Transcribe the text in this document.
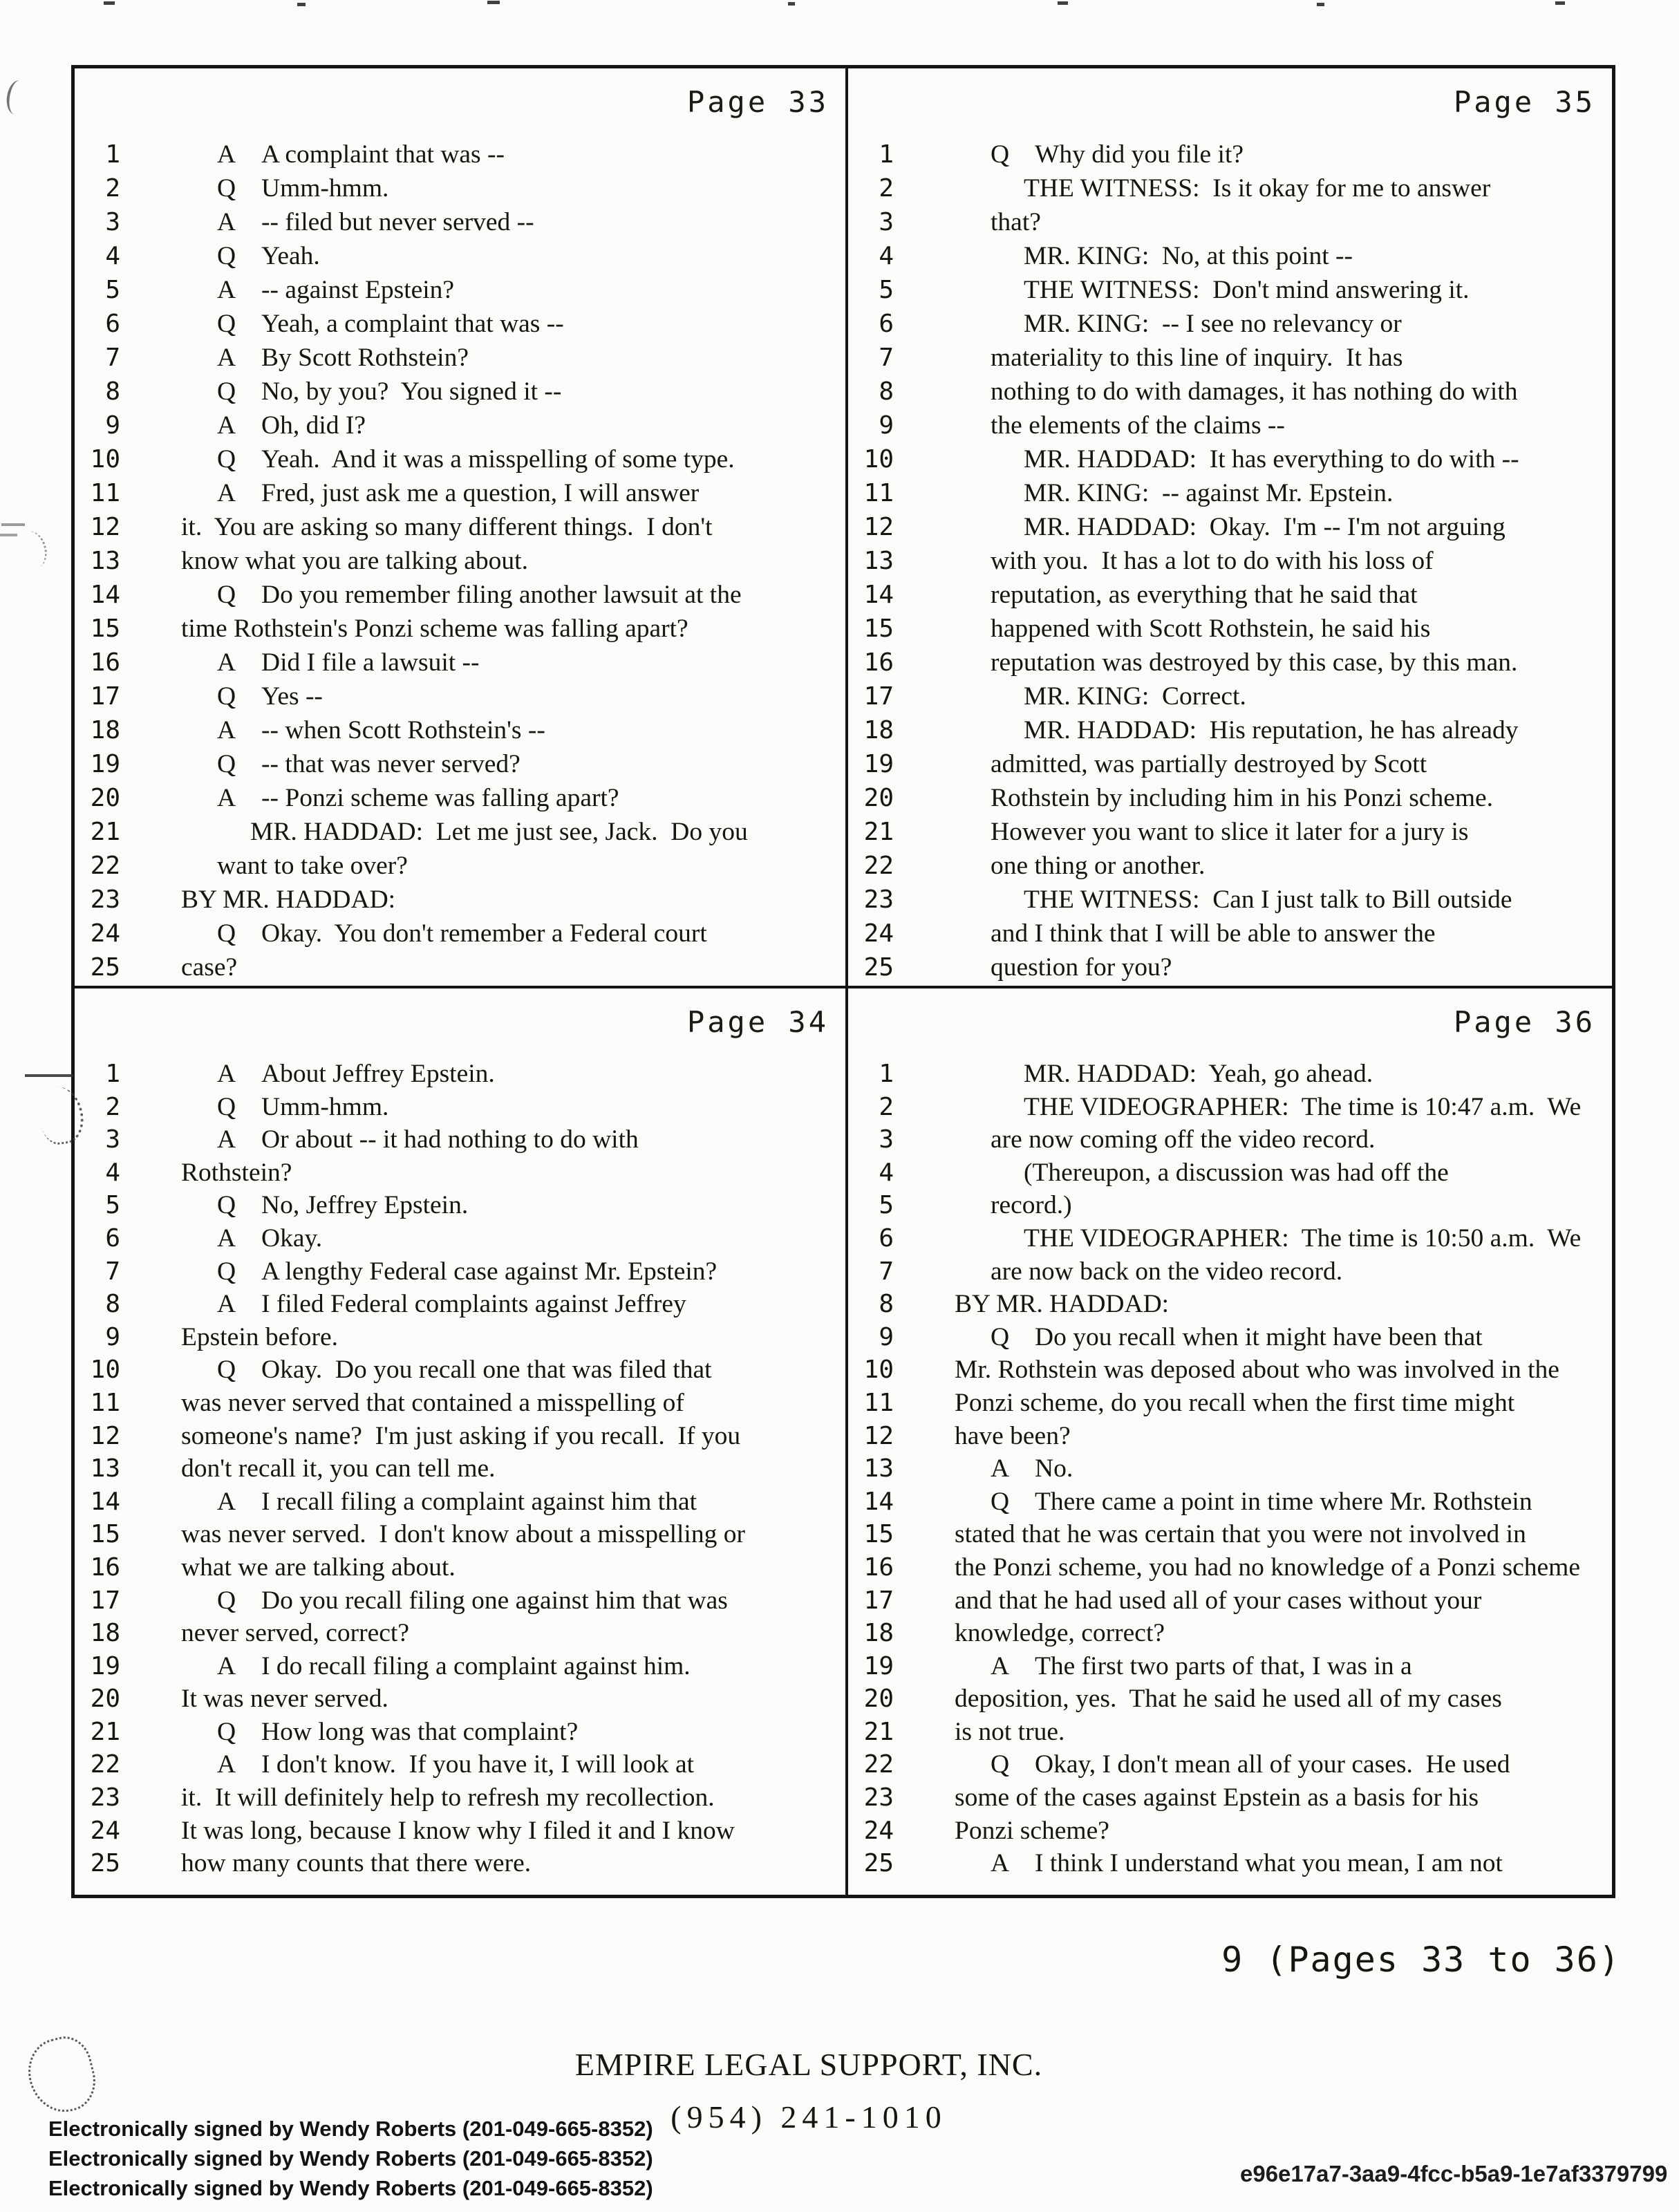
Page 33
1	A A complaint that was --
2	Q Umm-hmm.
3	A -- filed but never served --
4	Q Yeah.
5	A -- against Epstein?
6	Q Yeah, a complaint that was --
7	A By Scott Rothstein?
8	Q No, by you?  You signed it --
9	A Oh, did I?
10	Q Yeah.  And it was a misspelling of some type.
11	A Fred, just ask me a question, I will answer
12	it.  You are asking so many different things.  I don't
13	know what you are talking about.
14	Q Do you remember filing another lawsuit at the
15	time Rothstein's Ponzi scheme was falling apart?
16	A Did I file a lawsuit --
17	Q Yes --
18	A -- when Scott Rothstein's --
19	Q -- that was never served?
20	A -- Ponzi scheme was falling apart?
21	MR. HADDAD:  Let me just see, Jack.  Do you
22	want to take over?
23	BY MR. HADDAD:
24	Q Okay.  You don't remember a Federal court
25	case?
Page 35
1	Q Why did you file it?
2	THE WITNESS:  Is it okay for me to answer
3	that?
4	MR. KING:  No, at this point --
5	THE WITNESS:  Don't mind answering it.
6	MR. KING:  -- I see no relevancy or
7	materiality to this line of inquiry.  It has
8	nothing to do with damages, it has nothing do with
9	the elements of the claims --
10	MR. HADDAD:  It has everything to do with --
11	MR. KING:  -- against Mr. Epstein.
12	MR. HADDAD:  Okay.  I'm -- I'm not arguing
13	with you.  It has a lot to do with his loss of
14	reputation, as everything that he said that
15	happened with Scott Rothstein, he said his
16	reputation was destroyed by this case, by this man.
17	MR. KING:  Correct.
18	MR. HADDAD:  His reputation, he has already
19	admitted, was partially destroyed by Scott
20	Rothstein by including him in his Ponzi scheme.
21	However you want to slice it later for a jury is
22	one thing or another.
23	THE WITNESS:  Can I just talk to Bill outside
24	and I think that I will be able to answer the
25	question for you?
Page 34
1	A About Jeffrey Epstein.
2	Q Umm-hmm.
3	A Or about -- it had nothing to do with
4	Rothstein?
5	Q No, Jeffrey Epstein.
6	A Okay.
7	Q A lengthy Federal case against Mr. Epstein?
8	A I filed Federal complaints against Jeffrey
9	Epstein before.
10	Q Okay.  Do you recall one that was filed that
11	was never served that contained a misspelling of
12	someone's name?  I'm just asking if you recall.  If you
13	don't recall it, you can tell me.
14	A I recall filing a complaint against him that
15	was never served.  I don't know about a misspelling or
16	what we are talking about.
17	Q Do you recall filing one against him that was
18	never served, correct?
19	A I do recall filing a complaint against him.
20	It was never served.
21	Q How long was that complaint?
22	A I don't know.  If you have it, I will look at
23	it.  It will definitely help to refresh my recollection.
24	It was long, because I know why I filed it and I know
25	how many counts that there were.
Page 36
1	MR. HADDAD:  Yeah, go ahead.
2	THE VIDEOGRAPHER:  The time is 10:47 a.m.  We
3	are now coming off the video record.
4	(Thereupon, a discussion was had off the
5	record.)
6	THE VIDEOGRAPHER:  The time is 10:50 a.m.  We
7	are now back on the video record.
8	BY MR. HADDAD:
9	Q Do you recall when it might have been that
10	Mr. Rothstein was deposed about who was involved in the
11	Ponzi scheme, do you recall when the first time might
12	have been?
13	A No.
14	Q There came a point in time where Mr. Rothstein
15	stated that he was certain that you were not involved in
16	the Ponzi scheme, you had no knowledge of a Ponzi scheme
17	and that he had used all of your cases without your
18	knowledge, correct?
19	A The first two parts of that, I was in a
20	deposition, yes.  That he said he used all of my cases
21	is not true.
22	Q Okay, I don't mean all of your cases.  He used
23	some of the cases against Epstein as a basis for his
24	Ponzi scheme?
25	A I think I understand what you mean, I am not
9 (Pages 33 to 36)
EMPIRE LEGAL SUPPORT, INC.
(954) 241-1010
Electronically signed by Wendy Roberts (201-049-665-8352)
Electronically signed by Wendy Roberts (201-049-665-8352)
Electronically signed by Wendy Roberts (201-049-665-8352)
e96e17a7-3aa9-4fcc-b5a9-1e7af3379799
